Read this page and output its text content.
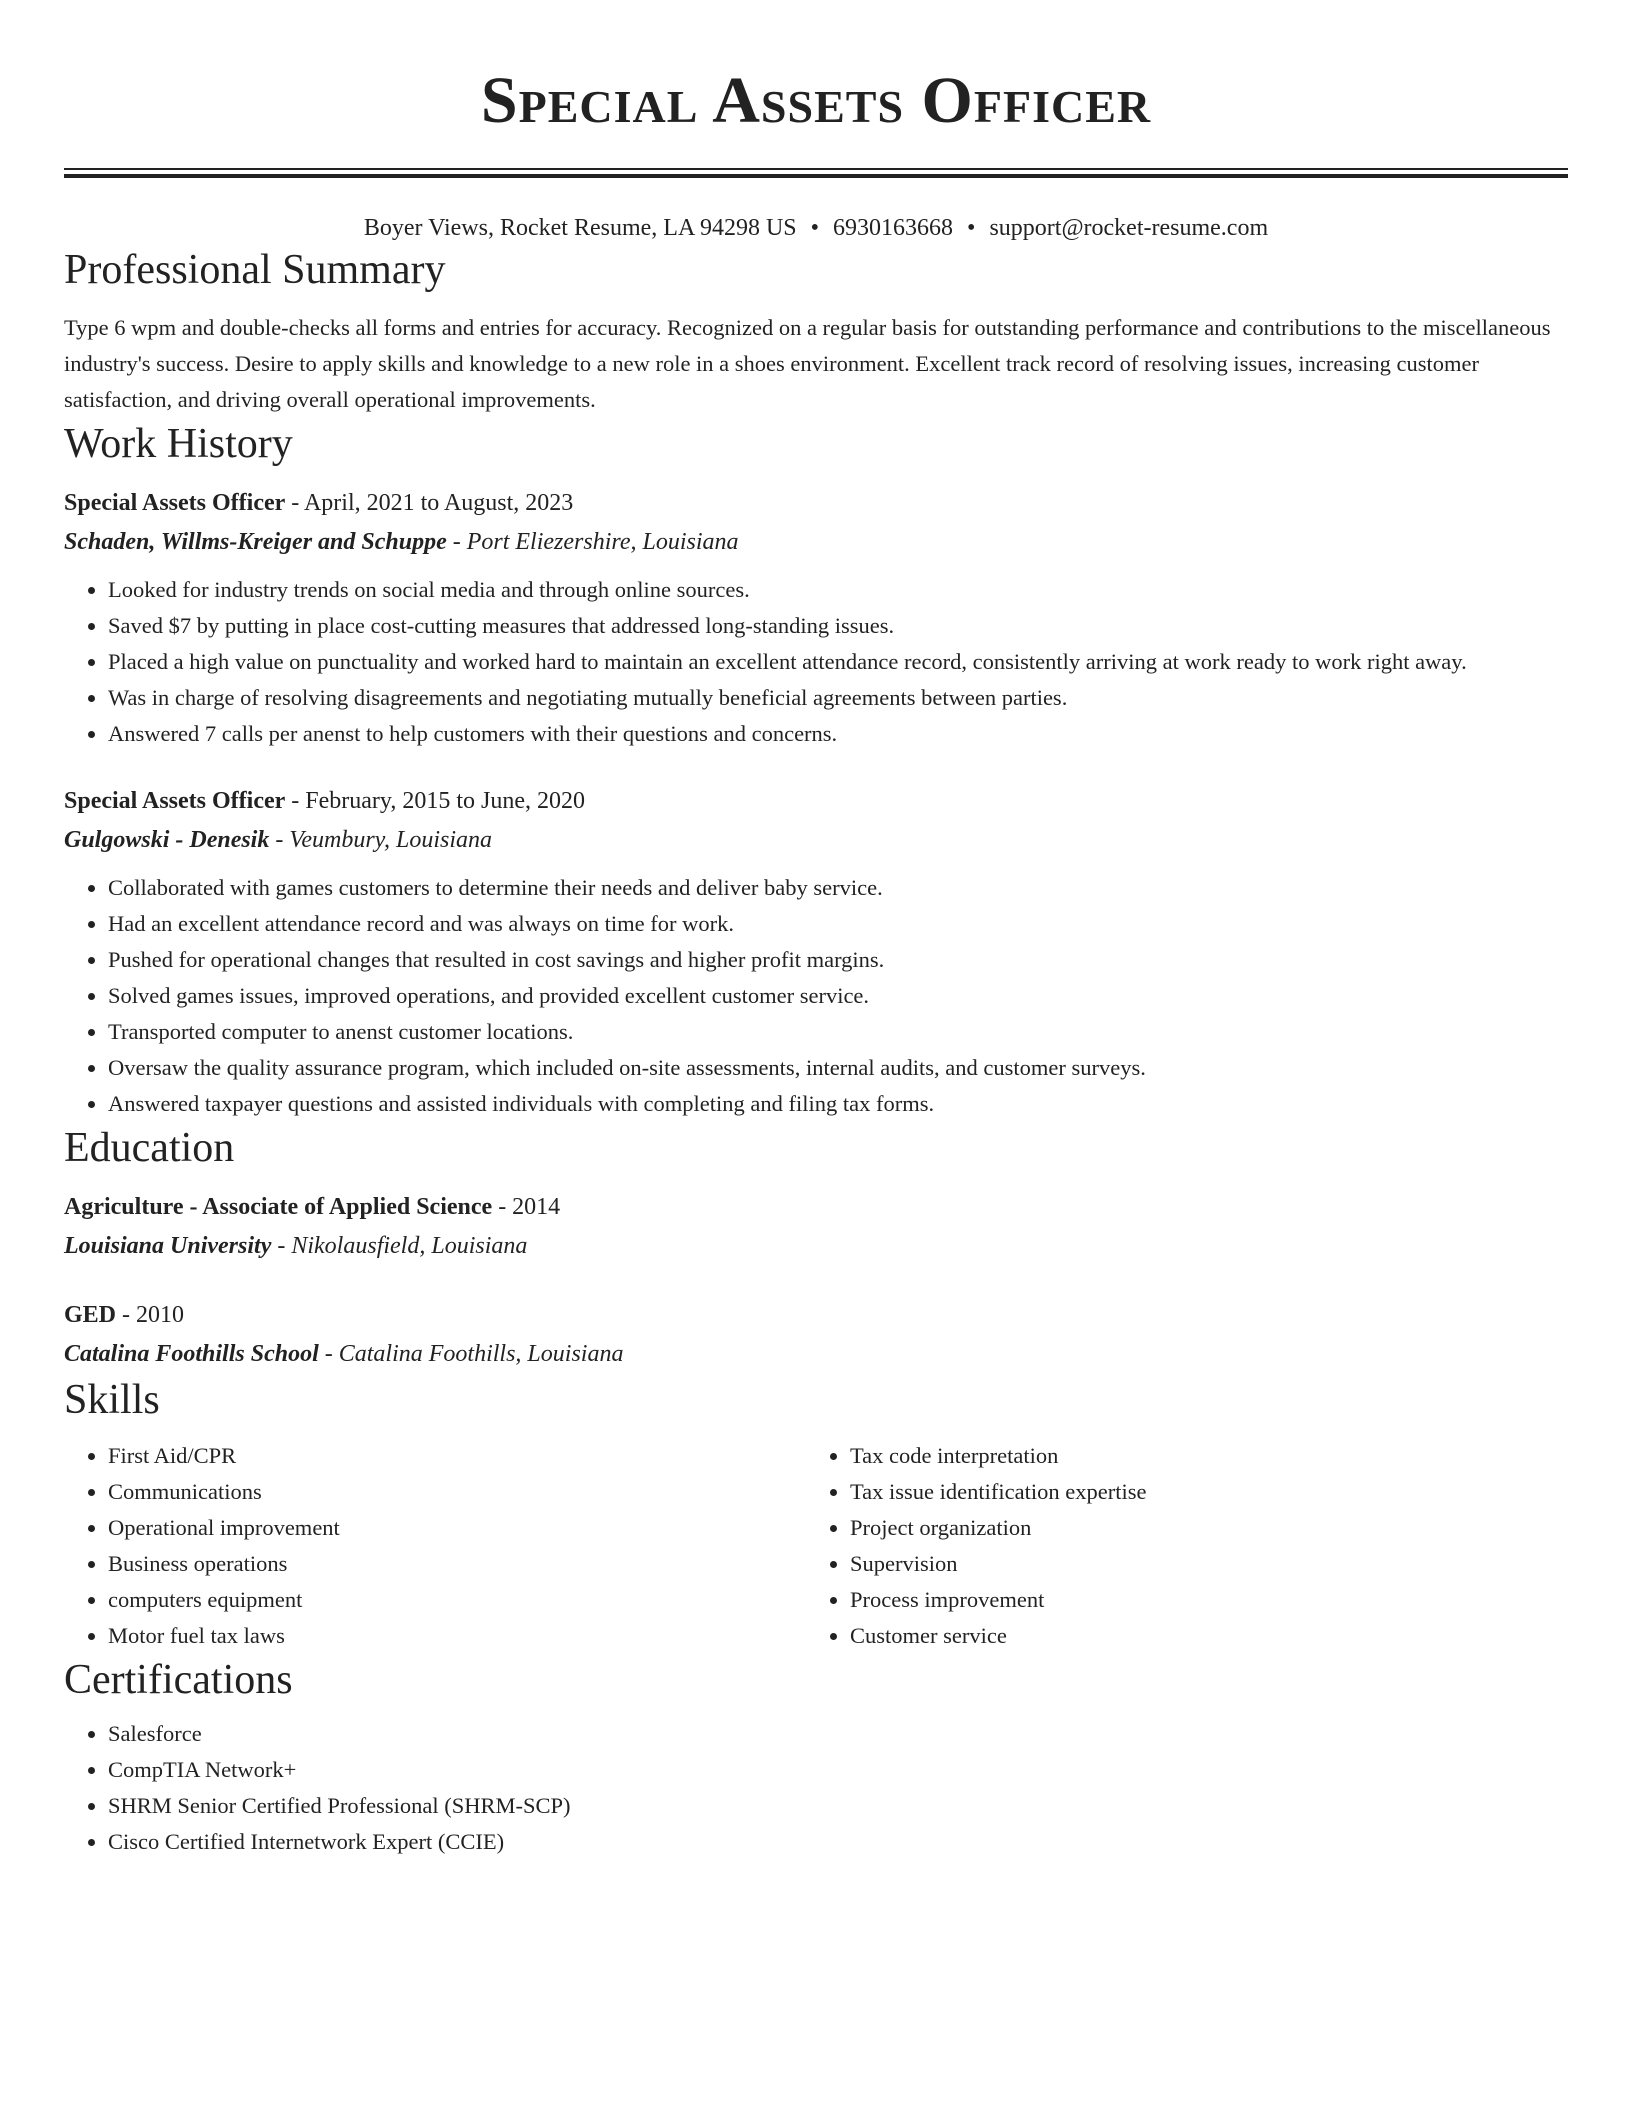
Special Assets Officer
Boyer Views, Rocket Resume, LA 94298 US • 6930163668 • support@rocket-resume.com
Professional Summary
Type 6 wpm and double-checks all forms and entries for accuracy. Recognized on a regular basis for outstanding performance and contributions to the miscellaneous industry's success. Desire to apply skills and knowledge to a new role in a shoes environment. Excellent track record of resolving issues, increasing customer satisfaction, and driving overall operational improvements.
Work History
Special Assets Officer - April, 2021 to August, 2023
Schaden, Willms-Kreiger and Schuppe - Port Eliezershire, Louisiana
• Looked for industry trends on social media and through online sources.
• Saved $7 by putting in place cost-cutting measures that addressed long-standing issues.
• Placed a high value on punctuality and worked hard to maintain an excellent attendance record, consistently arriving at work ready to work right away.
• Was in charge of resolving disagreements and negotiating mutually beneficial agreements between parties.
• Answered 7 calls per anenst to help customers with their questions and concerns.
Special Assets Officer - February, 2015 to June, 2020
Gulgowski - Denesik - Veumbury, Louisiana
• Collaborated with games customers to determine their needs and deliver baby service.
• Had an excellent attendance record and was always on time for work.
• Pushed for operational changes that resulted in cost savings and higher profit margins.
• Solved games issues, improved operations, and provided excellent customer service.
• Transported computer to anenst customer locations.
• Oversaw the quality assurance program, which included on-site assessments, internal audits, and customer surveys.
• Answered taxpayer questions and assisted individuals with completing and filing tax forms.
Education
Agriculture - Associate of Applied Science - 2014
Louisiana University - Nikolausfield, Louisiana
GED - 2010
Catalina Foothills School - Catalina Foothills, Louisiana
Skills
• First Aid/CPR
• Communications
• Operational improvement
• Business operations
• computers equipment
• Motor fuel tax laws
• Tax code interpretation
• Tax issue identification expertise
• Project organization
• Supervision
• Process improvement
• Customer service
Certifications
• Salesforce
• CompTIA Network+
• SHRM Senior Certified Professional (SHRM-SCP)
• Cisco Certified Internetwork Expert (CCIE)
